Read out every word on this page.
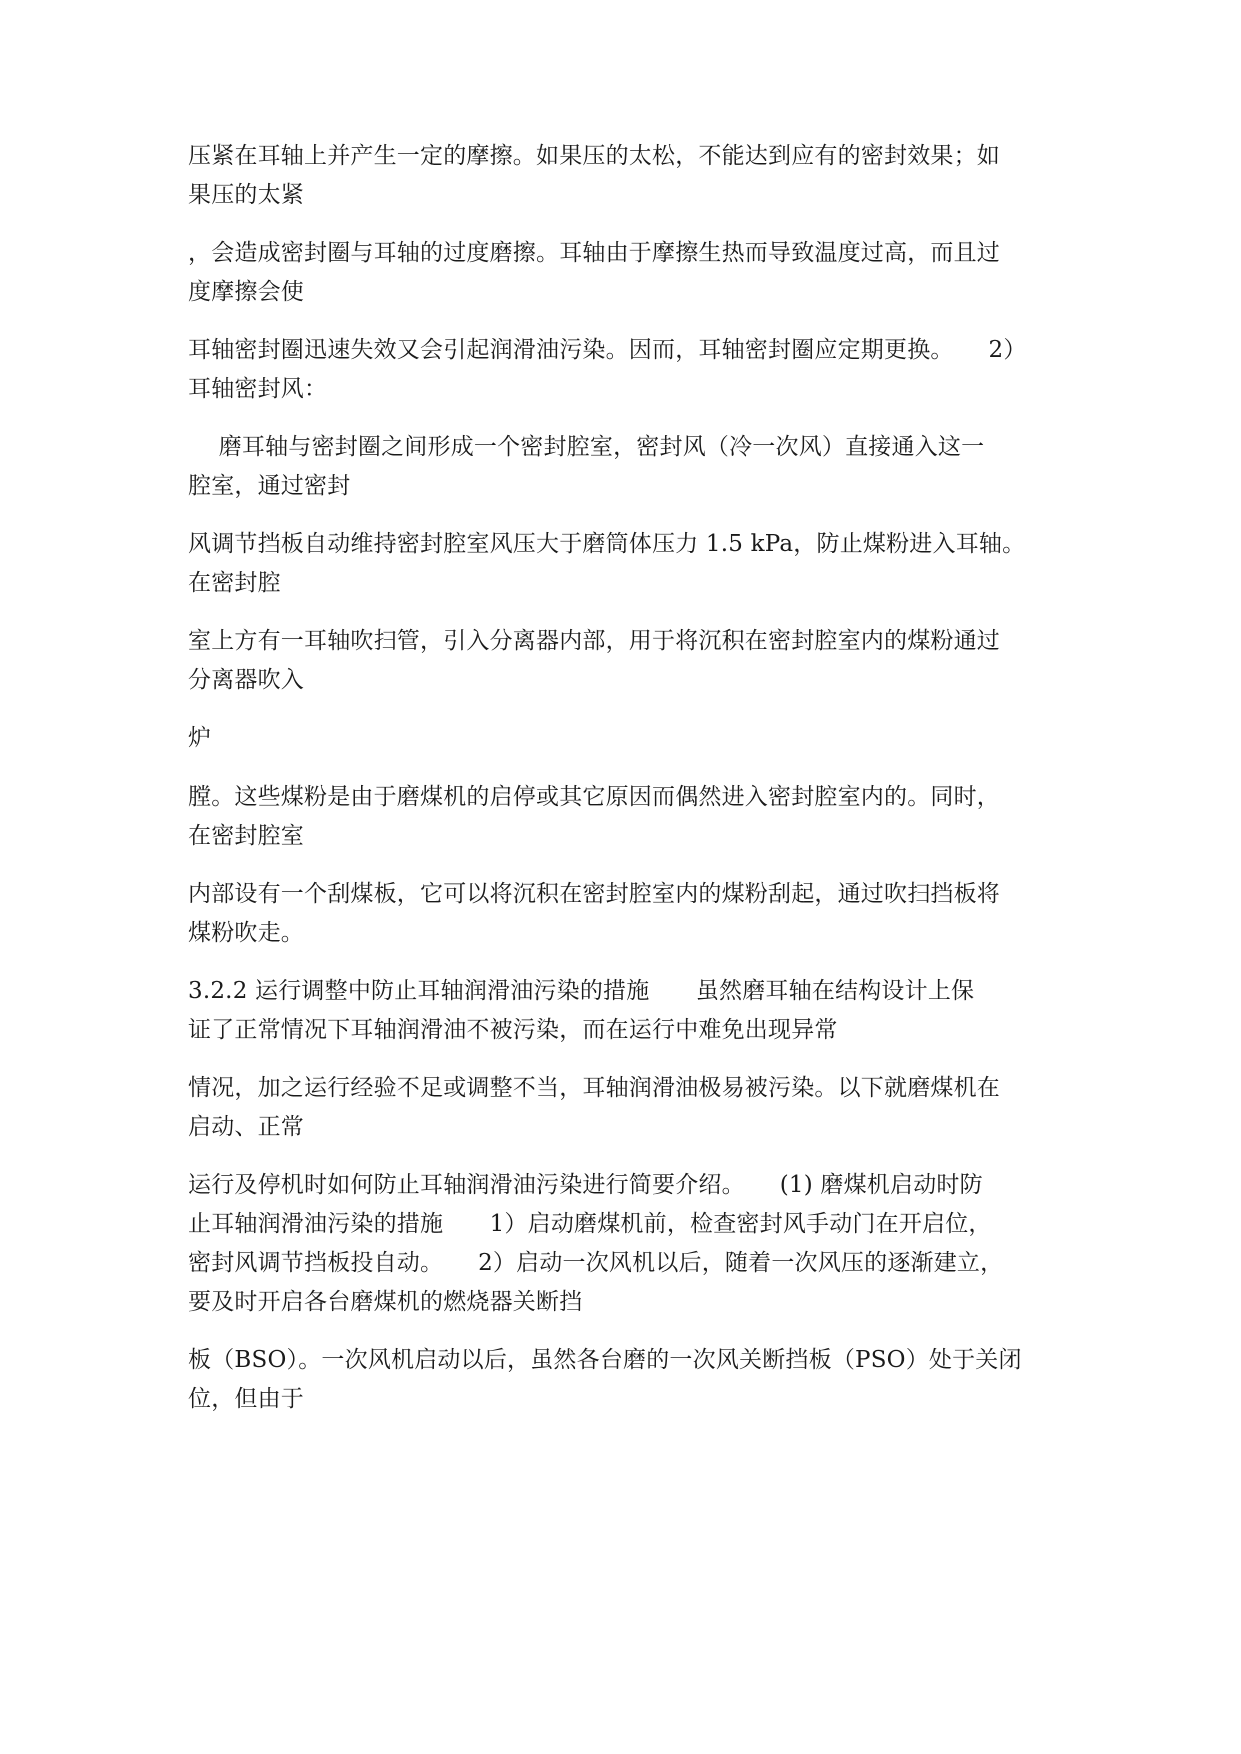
压紧在耳轴上并产生一定的摩擦。如果压的太松，不能达到应有的密封效果；如
果压的太紧

，会造成密封圈与耳轴的过度磨擦。耳轴由于摩擦生热而导致温度过高，而且过
度摩擦会使

耳轴密封圈迅速失效又会引起润滑油污染。因而，耳轴密封圈应定期更换。　　2）
耳轴密封风：

　 磨耳轴与密封圈之间形成一个密封腔室，密封风（冷一次风）直接通入这一
腔室，通过密封

风调节挡板自动维持密封腔室风压大于磨筒体压力 1.5 kPa，防止煤粉进入耳轴。
在密封腔

室上方有一耳轴吹扫管，引入分离器内部，用于将沉积在密封腔室内的煤粉通过
分离器吹入

炉

膛。这些煤粉是由于磨煤机的启停或其它原因而偶然进入密封腔室内的。同时，
在密封腔室

内部设有一个刮煤板，它可以将沉积在密封腔室内的煤粉刮起，通过吹扫挡板将
煤粉吹走。

3.2.2 运行调整中防止耳轴润滑油污染的措施　　虽然磨耳轴在结构设计上保
证了正常情况下耳轴润滑油不被污染，而在运行中难免出现异常

情况，加之运行经验不足或调整不当，耳轴润滑油极易被污染。以下就磨煤机在
启动、正常

运行及停机时如何防止耳轴润滑油污染进行简要介绍。　　(1) 磨煤机启动时防
止耳轴润滑油污染的措施　　1）启动磨煤机前，检查密封风手动门在开启位，
密封风调节挡板投自动。　　2）启动一次风机以后，随着一次风压的逐渐建立，
要及时开启各台磨煤机的燃烧器关断挡

板（BSO）。一次风机启动以后，虽然各台磨的一次风关断挡板（PSO）处于关闭
位，但由于
